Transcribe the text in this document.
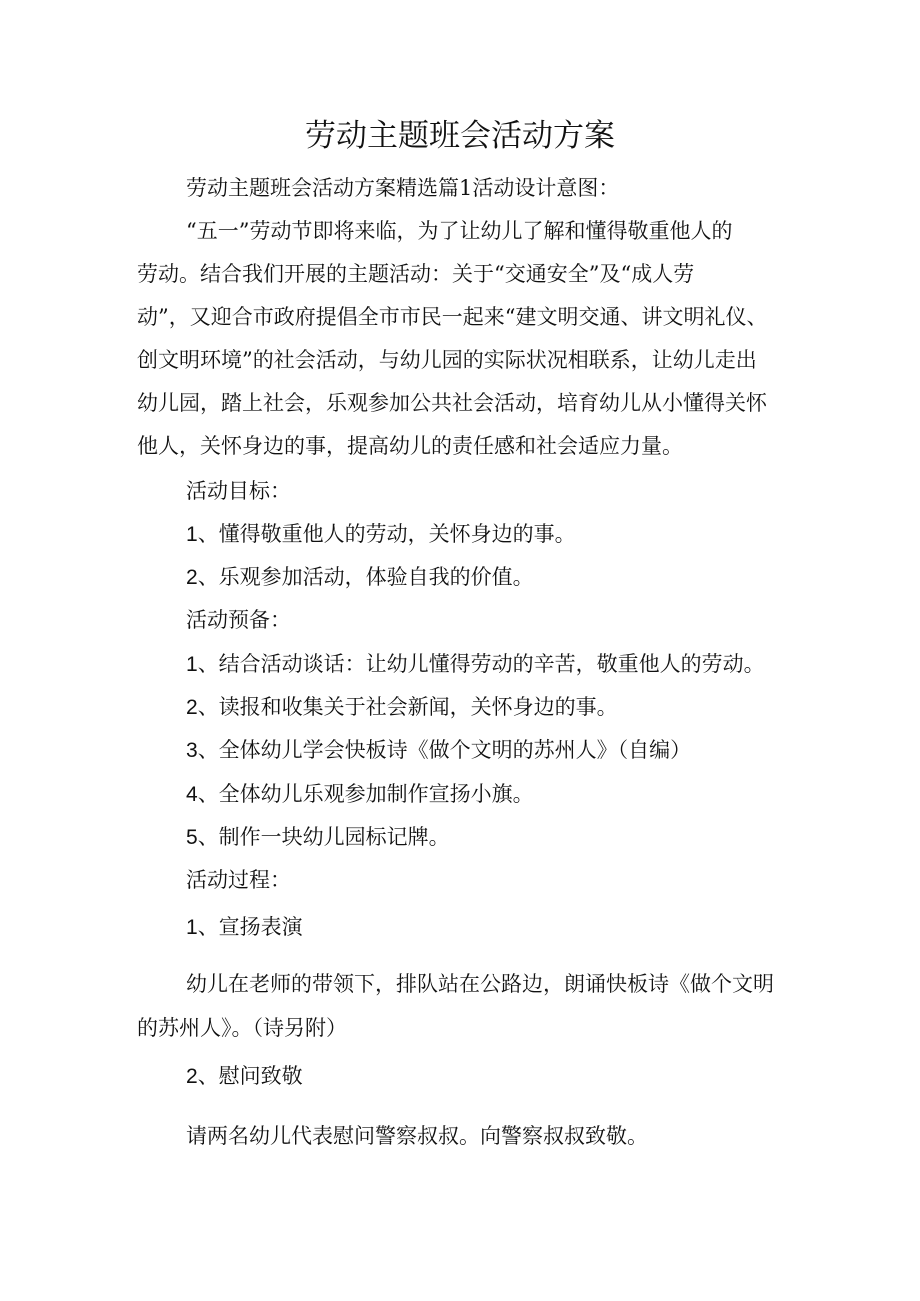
劳动主题班会活动方案

劳动主题班会活动方案精选篇1活动设计意图：

“五一”劳动节即将来临，为了让幼儿了解和懂得敬重他人的

劳动。结合我们开展的主题活动：关于“交通安全”及“成人劳

动”，又迎合市政府提倡全市市民一起来“建文明交通、讲文明礼仪、

创文明环境”的社会活动，与幼儿园的实际状况相联系，让幼儿走出

幼儿园，踏上社会，乐观参加公共社会活动，培育幼儿从小懂得关怀

他人，关怀身边的事，提高幼儿的责任感和社会适应力量。

活动目标：

1、懂得敬重他人的劳动，关怀身边的事。

2、乐观参加活动，体验自我的价值。

活动预备：

1、结合活动谈话：让幼儿懂得劳动的辛苦，敬重他人的劳动。

2、读报和收集关于社会新闻，关怀身边的事。

3、全体幼儿学会快板诗《做个文明的苏州人》（自编）

4、全体幼儿乐观参加制作宣扬小旗。

5、制作一块幼儿园标记牌。

活动过程：

1、宣扬表演

幼儿在老师的带领下，排队站在公路边，朗诵快板诗《做个文明

的苏州人》。（诗另附）

2、慰问致敬

请两名幼儿代表慰问警察叔叔。向警察叔叔致敬。
